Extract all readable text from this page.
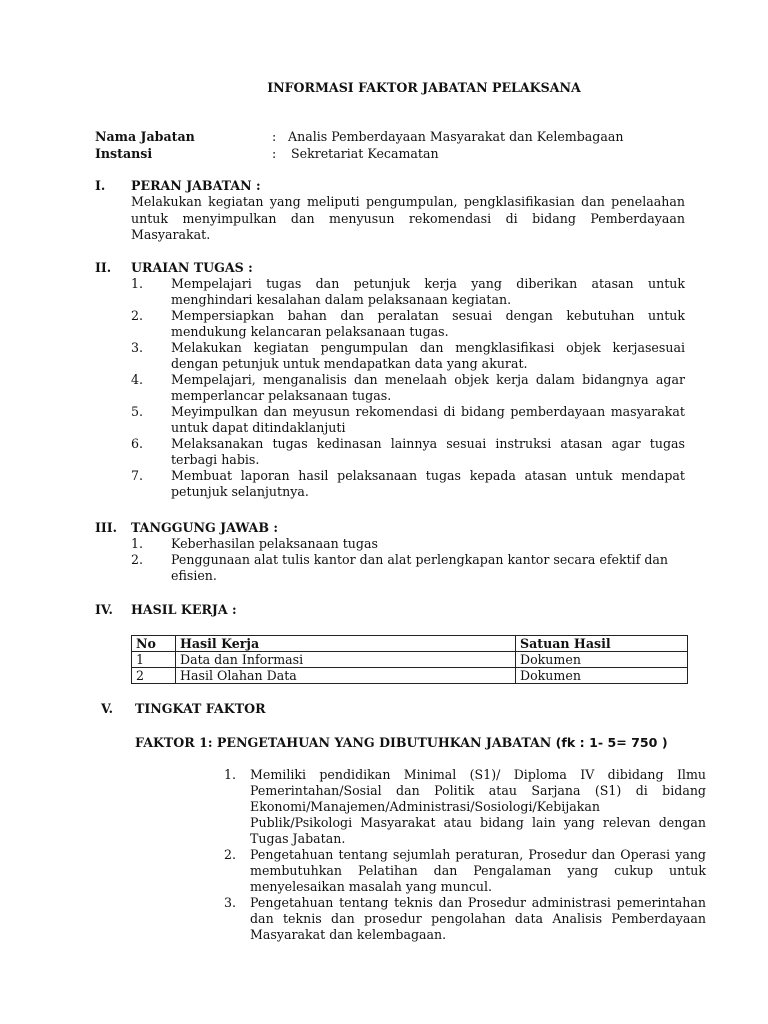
INFORMASI FAKTOR JABATAN PELAKSANA
Nama Jabatan	: Analis Pemberdayaan Masyarakat dan Kelembagaan
Instansi	: Sekretariat Kecamatan
I. PERAN JABATAN :
Melakukan kegiatan yang meliputi pengumpulan, pengklasifikasian dan penelaahan untuk menyimpulkan dan menyusun rekomendasi di bidang Pemberdayaan Masyarakat.
II. URAIAN TUGAS :
1. Mempelajari tugas dan petunjuk kerja yang diberikan atasan untuk menghindari kesalahan dalam pelaksanaan kegiatan.
2. Mempersiapkan bahan dan peralatan sesuai dengan kebutuhan untuk mendukung kelancaran pelaksanaan tugas.
3. Melakukan kegiatan pengumpulan dan mengklasifikasi objek kerjasesuai dengan petunjuk untuk mendapatkan data yang akurat.
4. Mempelajari, menganalisis dan menelaah objek kerja dalam bidangnya agar memperlancar pelaksanaan tugas.
5. Meyimpulkan dan meyusun rekomendasi di bidang pemberdayaan masyarakat untuk dapat ditindaklanjuti
6. Melaksanakan tugas kedinasan lainnya sesuai instruksi atasan agar tugas terbagi habis.
7. Membuat laporan hasil pelaksanaan tugas kepada atasan untuk mendapat petunjuk selanjutnya.
III. TANGGUNG JAWAB :
1. Keberhasilan pelaksanaan tugas
2. Penggunaan alat tulis kantor dan alat perlengkapan kantor secara efektif dan efisien.
IV. HASIL KERJA :
No	Hasil Kerja	Satuan Hasil
1	Data dan Informasi	Dokumen
2	Hasil Olahan Data	Dokumen
V. TINGKAT FAKTOR
FAKTOR 1: PENGETAHUAN YANG DIBUTUHKAN JABATAN (fk : 1- 5= 750 )
1. Memiliki pendidikan Minimal (S1)/ Diploma IV dibidang Ilmu Pemerintahan/Sosial dan Politik atau Sarjana (S1) di bidang Ekonomi/Manajemen/Administrasi/Sosiologi/Kebijakan Publik/Psikologi Masyarakat atau bidang lain yang relevan dengan Tugas Jabatan.
2. Pengetahuan tentang sejumlah peraturan, Prosedur dan Operasi yang membutuhkan Pelatihan dan Pengalaman yang cukup untuk menyelesaikan masalah yang muncul.
3. Pengetahuan tentang teknis dan Prosedur administrasi pemerintahan dan teknis dan prosedur pengolahan data Analisis Pemberdayaan Masyarakat dan kelembagaan.
